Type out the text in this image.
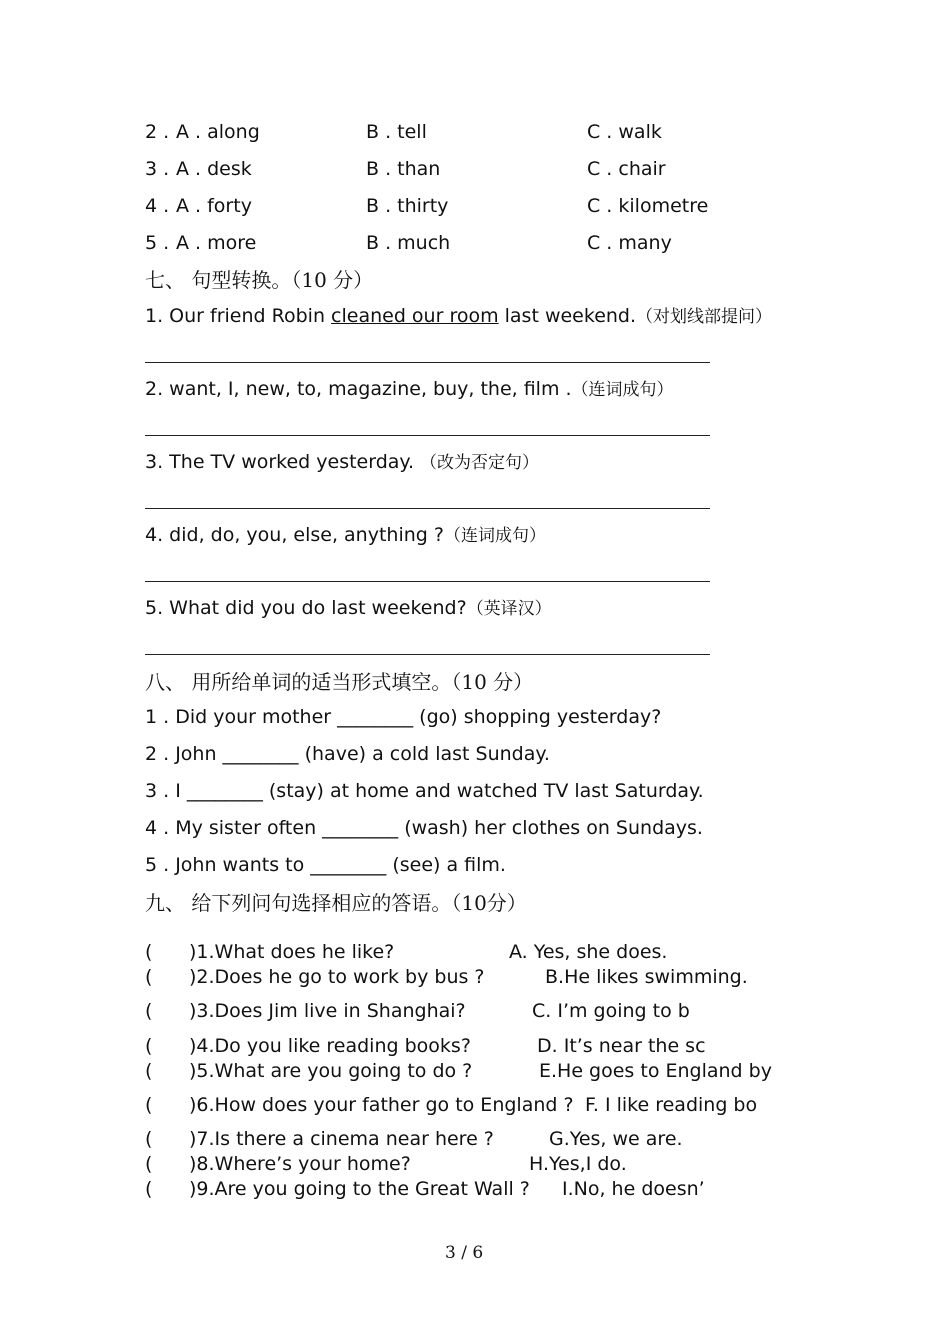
2 . A . along	B . tell	C . walk
3 . A . desk	B . than	C . chair
4 . A . forty	B . thirty	C . kilometre
5 . A . more	B . much	C . many
七、 句型转换。（10 分）
1. Our friend Robin cleaned our room last weekend.（对划线部提问）
2. want, I, new, to, magazine, buy, the, film .（连词成句）
3. The TV worked yesterday. （改为否定句）
4. did, do, you, else, anything ?（连词成句）
5. What did you do last weekend?（英译汉）
八、 用所给单词的适当形式填空。（10 分）
1 . Did your mother ________ (go) shopping yesterday?
2 . John ________ (have) a cold last Sunday.
3 . I ________ (stay) at home and watched TV last Saturday.
4 . My sister often ________ (wash) her clothes on Sundays.
5 . John wants to ________ (see) a film.
九、 给下列问句选择相应的答语。（10分）
( )1.What does he like?	A. Yes, she does.
( )2.Does he go to work by bus ?	B.He likes swimming.
( )3.Does Jim live in Shanghai?	C. I’m going to b
( )4.Do you like reading books?	D. It’s near the sc
( )5.What are you going to do ?	E.He goes to England by
( )6.How does your father go to England ? F. I like reading bo
( )7.Is there a cinema near here ?	G.Yes, we are.
( )8.Where’s your home?	H.Yes,I do.
( )9.Are you going to the Great Wall ? I.No, he doesn’
3 / 6
